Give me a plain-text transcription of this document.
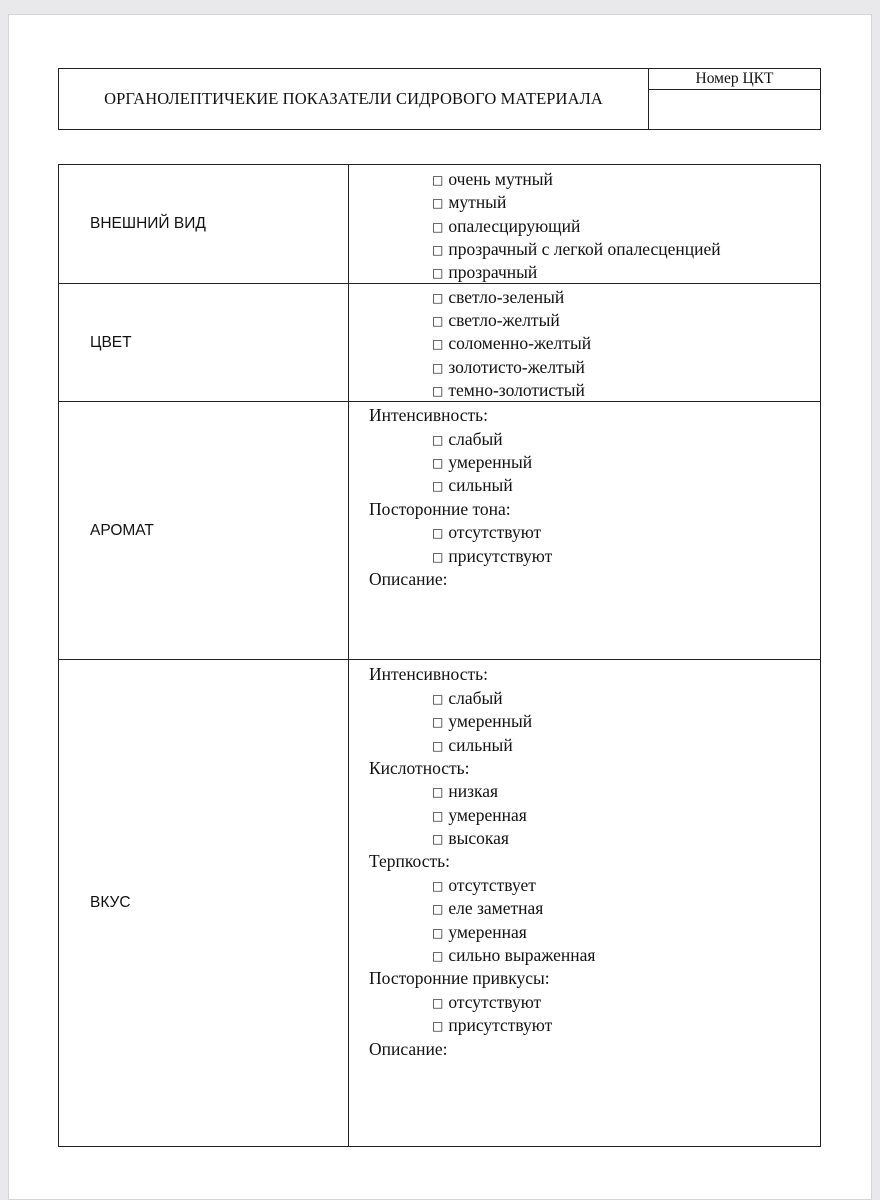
ОРГАНОЛЕПТИЧЕКИЕ ПОКАЗАТЕЛИ СИДРОВОГО МАТЕРИАЛА
Номер ЦКТ
ВНЕШНИЙ ВИД
□ очень мутный
□ мутный
□ опалесцирующий
□ прозрачный с легкой опалесценцией
□ прозрачный
ЦВЕТ
□ светло-зеленый
□ светло-желтый
□ соломенно-желтый
□ золотисто-желтый
□ темно-золотистый
АРОМАТ
Интенсивность:
□ слабый
□ умеренный
□ сильный
Посторонние тона:
□ отсутствуют
□ присутствуют
Описание:
ВКУС
Интенсивность:
□ слабый
□ умеренный
□ сильный
Кислотность:
□ низкая
□ умеренная
□ высокая
Терпкость:
□ отсутствует
□ еле заметная
□ умеренная
□ сильно выраженная
Посторонние привкусы:
□ отсутствуют
□ присутствуют
Описание:
